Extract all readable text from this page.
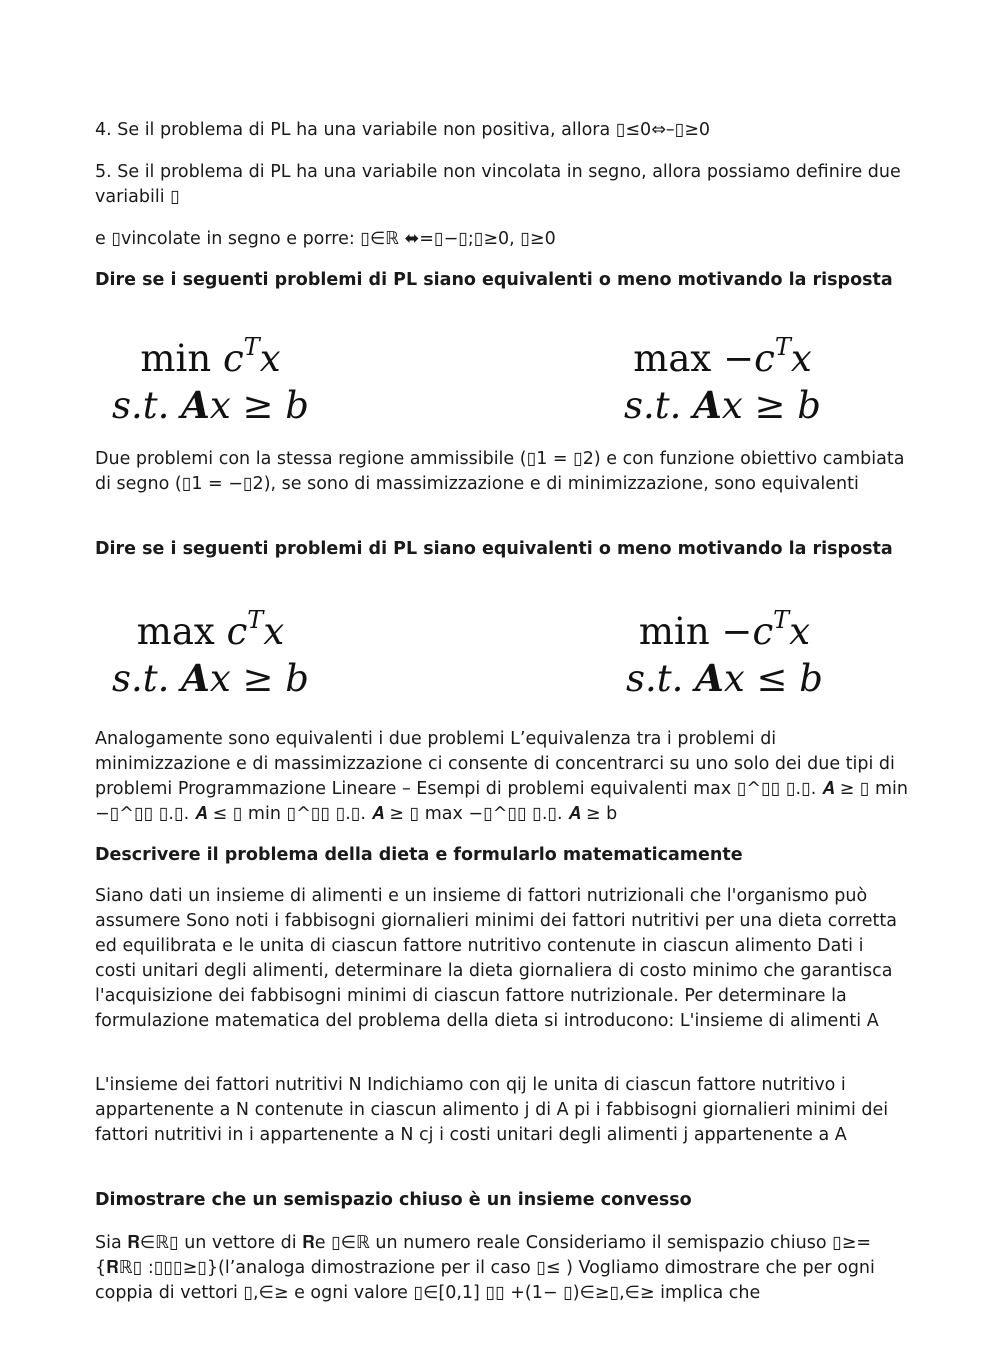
4. Se il problema di PL ha una variabile non positiva, allora ▯≤0⇔–▯≥0

5. Se il problema di PL ha una variabile non vincolata in segno, allora possiamo definire due variabili ▯

e ▯vincolate in segno e porre: ▯∈ℝ ⬌=▯−▯;▯≥0, ▯≥0

Dire se i seguenti problemi di PL siano equivalenti o meno motivando la risposta

$\min c^Tx$
s.t. Ax ≥ b
$\max -c^Tx$
s.t. Ax ≥ b

Due problemi con la stessa regione ammissibile (▯1 = ▯2) e con funzione obiettivo cambiata di segno (▯1 = −▯2), se sono di massimizzazione e di minimizzazione, sono equivalenti

Dire se i seguenti problemi di PL siano equivalenti o meno motivando la risposta

$\max c^Tx$
s.t. Ax ≥ b
$\min -c^Tx$
s.t. Ax ≤ b

Analogamente sono equivalenti i due problemi L’equivalenza tra i problemi di minimizzazione e di massimizzazione ci consente di concentrarci su uno solo dei due tipi di problemi Programmazione Lineare – Esempi di problemi equivalenti max ▯^▯▯ ▯.▯. 𝑨 ≥ ▯ min −▯^▯▯ ▯.▯. 𝑨 ≤ ▯ min ▯^▯▯ ▯.▯. 𝑨 ≥ ▯ max −▯^▯▯ ▯.▯. 𝑨 ≥ b

Descrivere il problema della dieta e formularlo matematicamente

Siano dati un insieme di alimenti e un insieme di fattori nutrizionali che l'organismo può assumere Sono noti i fabbisogni giornalieri minimi dei fattori nutritivi per una dieta corretta ed equilibrata e le unita di ciascun fattore nutritivo contenute in ciascun alimento Dati i costi unitari degli alimenti, determinare la dieta giornaliera di costo minimo che garantisca l'acquisizione dei fabbisogni minimi di ciascun fattore nutrizionale. Per determinare la formulazione matematica del problema della dieta si introducono: L'insieme di alimenti A

L'insieme dei fattori nutritivi N Indichiamo con qij le unita di ciascun fattore nutritivo i appartenente a N contenute in ciascun alimento j di A pi i fabbisogni giornalieri minimi dei fattori nutritivi in i appartenente a N cj i costi unitari degli alimenti j appartenente a A

Dimostrare che un semispazio chiuso è un insieme convesso

Sia 𝐑∈ℝ▯ un vettore di 𝐑e ▯∈ℝ un numero reale Consideriamo il semispazio chiuso ▯≥={𝐑ℝ▯ :▯▯▯≥▯}(l’analoga dimostrazione per il caso ▯≤ ) Vogliamo dimostrare che per ogni coppia di vettori ▯,∈≥ e ogni valore ▯∈[0,1] ▯▯ +(1− ▯)∈≥▯,∈≥ implica che
